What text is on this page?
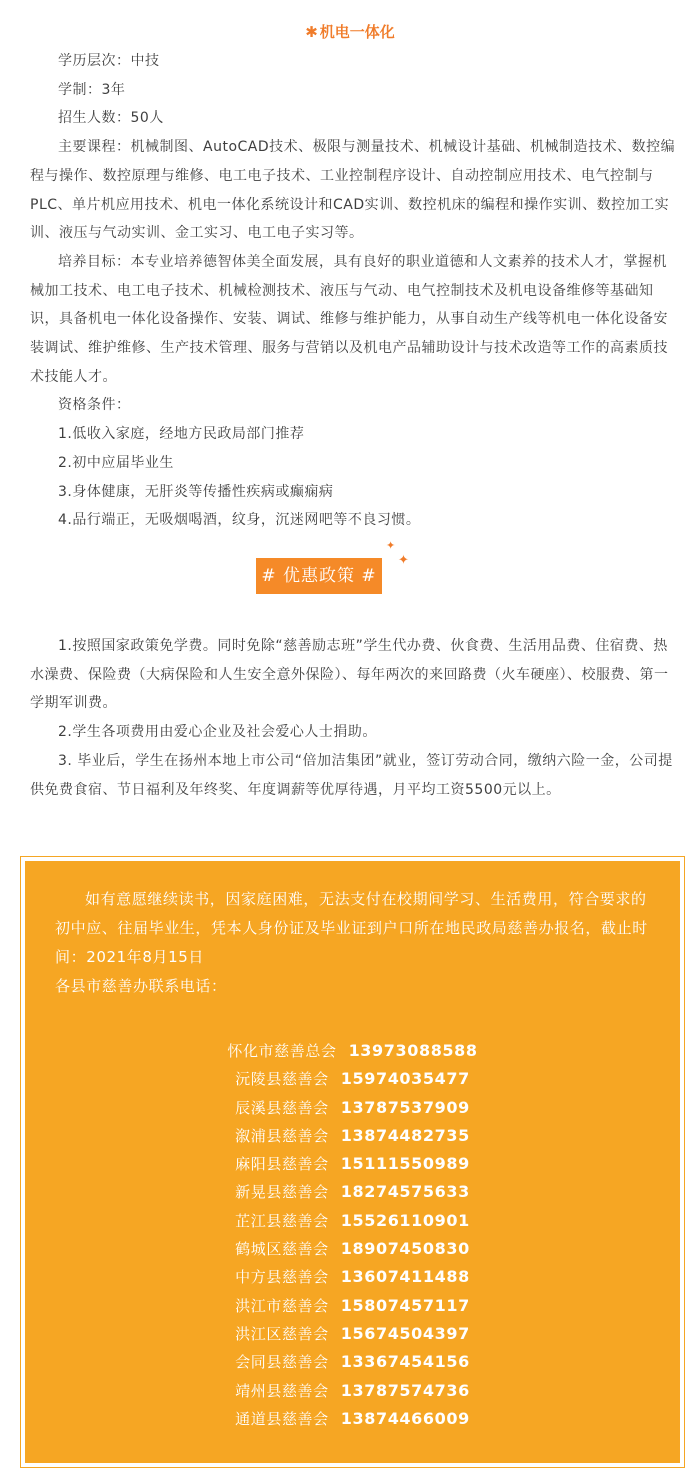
✱ 机电一体化

学历层次：中技

学制：3年

招生人数：50人

主要课程：机械制图、AutoCAD技术、极限与测量技术、机械设计基础、机械制造技术、数控编程与操作、数控原理与维修、电工电子技术、工业控制程序设计、自动控制应用技术、电气控制与PLC、单片机应用技术、机电一体化系统设计和CAD实训、数控机床的编程和操作实训、数控加工实训、液压与气动实训、金工实习、电工电子实习等。

培养目标：本专业培养德智体美全面发展，具有良好的职业道德和人文素养的技术人才，掌握机械加工技术、电工电子技术、机械检测技术、液压与气动、电气控制技术及机电设备维修等基础知识，具备机电一体化设备操作、安装、调试、维修与维护能力，从事自动生产线等机电一体化设备安装调试、维护维修、生产技术管理、服务与营销以及机电产品辅助设计与技术改造等工作的高素质技术技能人才。

资格条件：

1.低收入家庭，经地方民政局部门推荐

2.初中应届毕业生

3.身体健康，无肝炎等传播性疾病或癫痫病

4.品行端正，无吸烟喝酒，纹身，沉迷网吧等不良习惯。

# 优惠政策 #
✦
✦

1.按照国家政策免学费。同时免除“慈善励志班”学生代办费、伙食费、生活用品费、住宿费、热水澡费、保险费（大病保险和人生安全意外保险）、每年两次的来回路费（火车硬座）、校服费、第一学期军训费。

2.学生各项费用由爱心企业及社会爱心人士捐助。

3. 毕业后，学生在扬州本地上市公司“倍加洁集团”就业，签订劳动合同，缴纳六险一金，公司提供免费食宿、节日福利及年终奖、年度调薪等优厚待遇，月平均工资5500元以上。

如有意愿继续读书，因家庭困难，无法支付在校期间学习、生活费用，符合要求的初中应、往届毕业生，凭本人身份证及毕业证到户口所在地民政局慈善办报名，截止时间：2021年8月15日

各县市慈善办联系电话：

怀化市慈善总会 13973088588
沅陵县慈善会 15974035477
辰溪县慈善会 13787537909
溆浦县慈善会 13874482735
麻阳县慈善会 15111550989
新晃县慈善会 18274575633
芷江县慈善会 15526110901
鹤城区慈善会 18907450830
中方县慈善会 13607411488
洪江市慈善会 15807457117
洪江区慈善会 15674504397
会同县慈善会 13367454156
靖州县慈善会 13787574736
通道县慈善会 13874466009
